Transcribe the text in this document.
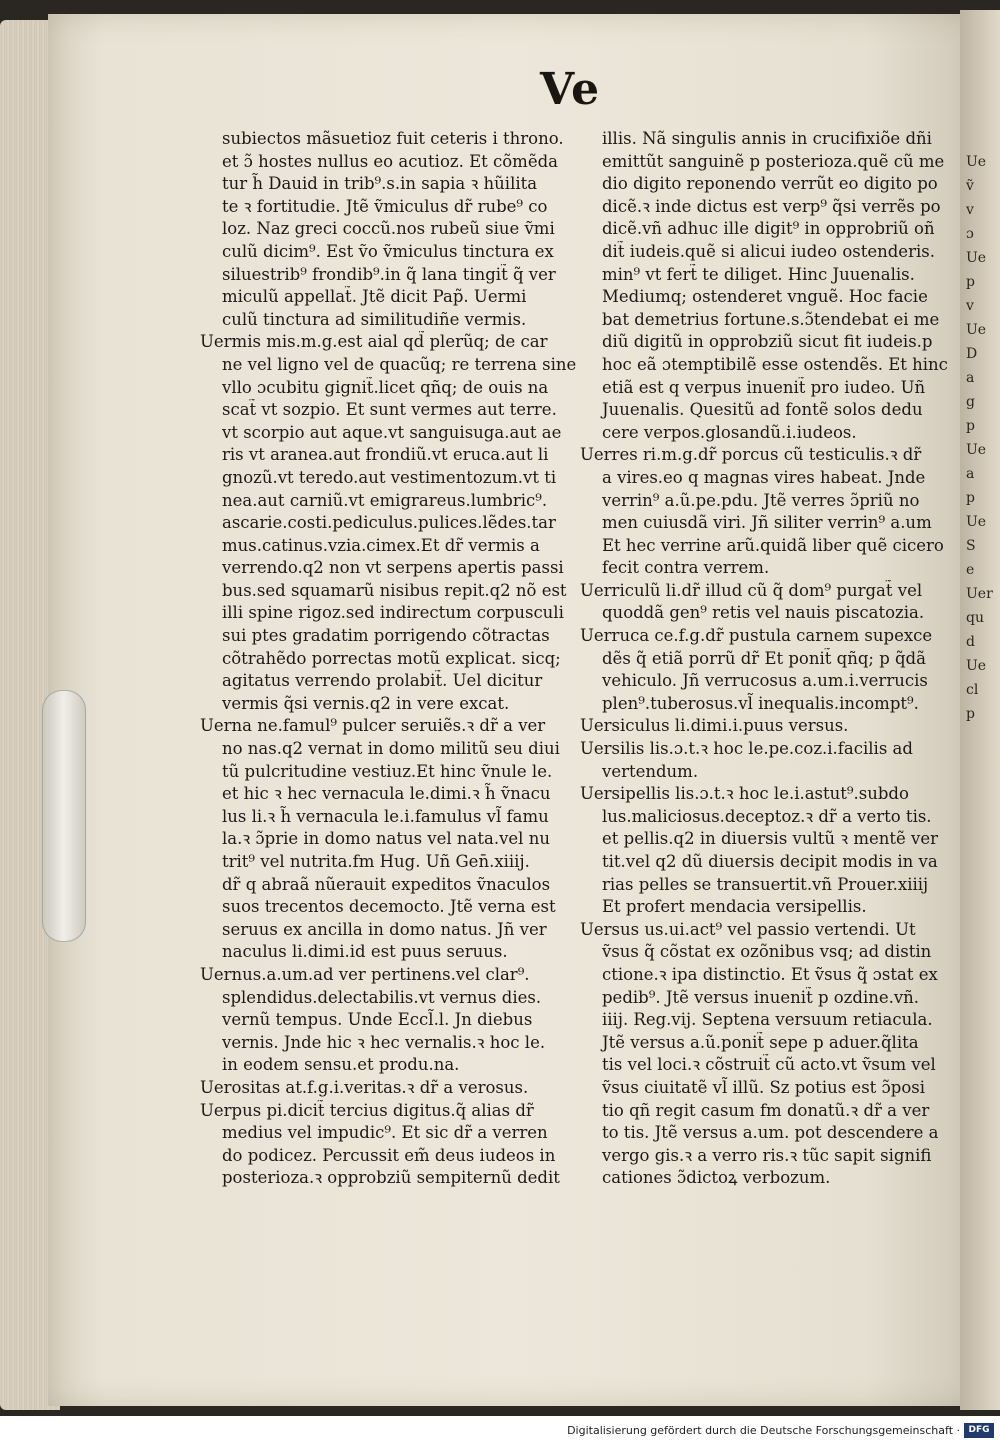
Ue
ṽ
v
ɔ
Ue
p
v
Ue
D
a
g
p
Ue
a
p
Ue
S
e
Uer
qu
d
Ue
cl
p
Ve
subiectos mãsuetioz fuit ceteris i throno.
et ɔ̃ hostes nullus eo acutioz. Et cõmẽda
tur h̃ Dauid in trib⁹.s.in sapia ꝛ hũilita
te ꝛ fortitudie. Jtẽ ṽmiculus dr̃ rube⁹ co
loz. Naz greci coccũ.nos rubeũ siue ṽmi
culũ dicim⁹. Est ṽo ṽmiculus tinctura ex
siluestrib⁹ frondib⁹.in q̃ lana tingit̃ q̃ ver
miculũ appellat̃. Jtẽ dicit Pap̃. Uermi
culũ tinctura ad similitudiñe vermis.
Uermis mis.m.g.est aial qd̃ plerũq; de car
ne vel ligno vel de quacũq; re terrena sine
vllo ɔcubitu gignit̃.licet qñq; de ouis na
scat̃ vt sozpio. Et sunt vermes aut terre.
vt scorpio aut aque.vt sanguisuga.aut ae
ris vt aranea.aut frondiũ.vt eruca.aut li
gnozũ.vt teredo.aut vestimentozum.vt ti
nea.aut carniũ.vt emigrareus.lumbric⁹.
ascarie.costi.pediculus.pulices.lẽdes.tar
mus.catinus.vzia.cimex.Et dr̃ vermis a
verrendo.q2 non vt serpens apertis passi
bus.sed squamarũ nisibus repit.q2 nõ est
illi spine rigoz.sed indirectum corpusculi
sui ptes gradatim porrigendo cõtractas
cõtrahẽdo porrectas motũ explicat. sicq;
agitatus verrendo prolabit̃. Uel dicitur
vermis q̃si vernis.q2 in vere excat.
Uerna ne.famul⁹ pulcer seruiẽs.ꝛ dr̃ a ver
no nas.q2 vernat in domo militũ seu diui
tũ pulcritudine vestiuz.Et hinc ṽnule le.
et hic ꝛ hec vernacula le.dimi.ꝛ h̃ ṽnacu
lus li.ꝛ h̃ vernacula le.i.famulus vl̃ famu
la.ꝛ ɔ̃prie in domo natus vel nata.vel nu
trit⁹ vel nutrita.fm Hug. Uñ Gen̄.xiiij.
dr̃ q abraã nũerauit expeditos ṽnaculos
suos trecentos decemocto. Jtẽ verna est
seruus ex ancilla in domo natus. Jñ ver
naculus li.dimi.id est puus seruus.
Uernus.a.um.ad ver pertinens.vel clar⁹.
splendidus.delectabilis.vt vernus dies.
vernũ tempus. Unde Eccl̃.l. Jn diebus
vernis. Jnde hic ꝛ hec vernalis.ꝛ hoc le.
in eodem sensu.et produ.na.
Uerositas at.f.g.i.veritas.ꝛ dr̃ a verosus.
Uerpus pi.dicit̃ tercius digitus.q̃ alias dr̃
medius vel impudic⁹. Et sic dr̃ a verren
do podicez. Percussit em̃ deus iudeos in
posterioza.ꝛ opprobziũ sempiternũ dedit
illis. Nã singulis annis in crucifixiõe dñi
emittũt sanguinẽ p posterioza.quẽ cũ me
dio digito reponendo verrũt eo digito po
dicẽ.ꝛ inde dictus est verp⁹ q̃si verrẽs po
dicẽ.vñ adhuc ille digit⁹ in opprobriũ oñ
dit̃ iudeis.quẽ si alicui iudeo ostenderis.
min⁹ vt fert̃ te diliget. Hinc Juuenalis.
Mediumq; ostenderet vnguẽ. Hoc facie
bat demetrius fortune.s.ɔ̃tendebat ei me
diũ digitũ in opprobziũ sicut fit iudeis.p
hoc eã ɔtemptibilẽ esse ostendẽs. Et hinc
etiã est q verpus inuenit̃ pro iudeo. Uñ
Juuenalis. Quesitũ ad fontẽ solos dedu
cere verpos.glosandũ.i.iudeos.
Uerres ri.m.g.dr̃ porcus cũ testiculis.ꝛ dr̃
a vires.eo q magnas vires habeat. Jnde
verrin⁹ a.ũ.pe.pdu. Jtẽ verres ɔ̃priũ no
men cuiusdã viri. Jñ siliter verrin⁹ a.um
Et hec verrine arũ.quidã liber quẽ cicero
fecit contra verrem.
Uerriculũ li.dr̃ illud cũ q̃ dom⁹ purgat̃ vel
quoddã gen⁹ retis vel nauis piscatozia.
Uerruca ce.f.g.dr̃ pustula carnem supexce
dẽs q̃ etiã porrũ dr̃ Et ponit̃ qñq; p q̃dã
vehiculo. Jñ verrucosus a.um.i.verrucis
plen⁹.tuberosus.vl̃ inequalis.incompt⁹.
Uersiculus li.dimi.i.puus versus.
Uersilis lis.ɔ.t.ꝛ hoc le.pe.coz.i.facilis ad
vertendum.
Uersipellis lis.ɔ.t.ꝛ hoc le.i.astut⁹.subdo
lus.maliciosus.deceptoz.ꝛ dr̃ a verto tis.
et pellis.q2 in diuersis vultũ ꝛ mentẽ ver
tit.vel q2 dũ diuersis decipit modis in va
rias pelles se transuertit.vñ Prouer.xiiij
Et profert mendacia versipellis.
Uersus us.ui.act⁹ vel passio vertendi. Ut
ṽsus q̃ cõstat ex ozõnibus vsq; ad distin
ctione.ꝛ ipa distinctio. Et ṽsus q̃ ɔstat ex
pedib⁹. Jtẽ versus inuenit̃ p ozdine.vñ.
iiij. Reg.vij. Septena versuum retiacula.
Jtẽ versus a.ũ.ponit̃ sepe p aduer.q̃lita
tis vel loci.ꝛ cõstruit̃ cũ acto.vt ṽsum vel
ṽsus ciuitatẽ vl̃ illũ. Sz potius est ɔ̃posi
tio qñ regit casum fm donatũ.ꝛ dr̃ a ver
to tis. Jtẽ versus a.um. pot descendere a
vergo gis.ꝛ a verro ris.ꝛ tũc sapit signifi
cationes ɔ̃dictoꝝ verbozum.
Digitalisierung gefördert durch die Deutsche Forschungsgemeinschaft · DFG
